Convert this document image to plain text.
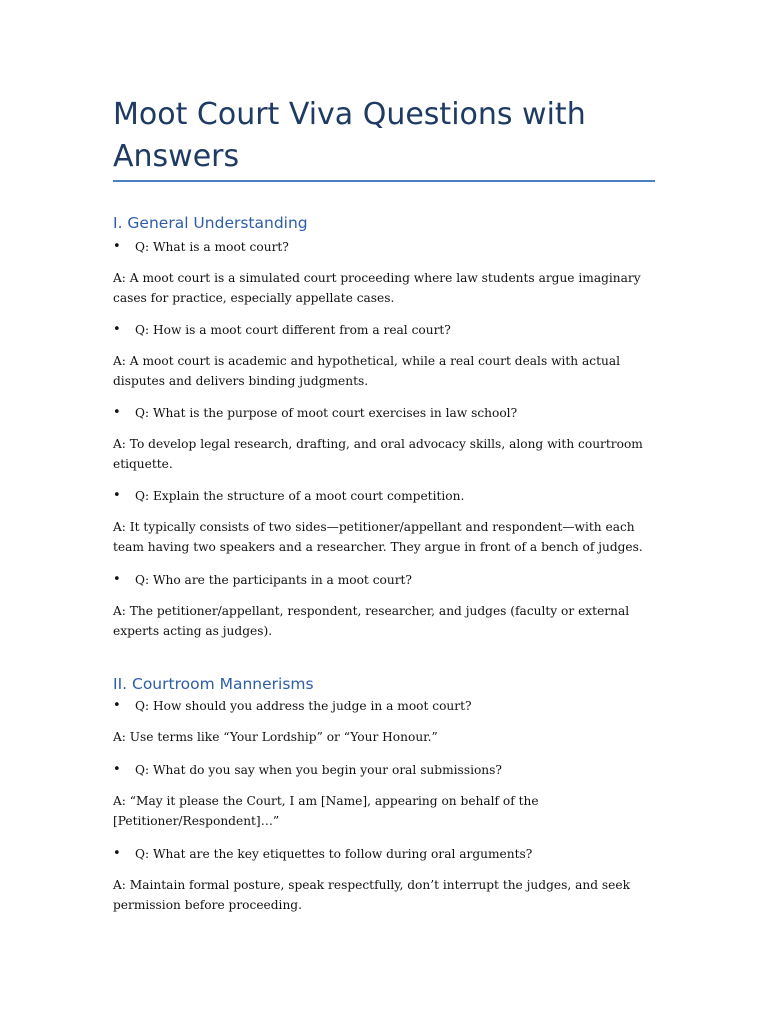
Moot Court Viva Questions with Answers
I. General Understanding
• Q: What is a moot court?

A: A moot court is a simulated court proceeding where law students argue imaginary cases for practice, especially appellate cases.

• Q: How is a moot court different from a real court?

A: A moot court is academic and hypothetical, while a real court deals with actual disputes and delivers binding judgments.

• Q: What is the purpose of moot court exercises in law school?

A: To develop legal research, drafting, and oral advocacy skills, along with courtroom etiquette.

• Q: Explain the structure of a moot court competition.

A: It typically consists of two sides—petitioner/appellant and respondent—with each team having two speakers and a researcher. They argue in front of a bench of judges.

• Q: Who are the participants in a moot court?

A: The petitioner/appellant, respondent, researcher, and judges (faculty or external experts acting as judges).

II. Courtroom Mannerisms
• Q: How should you address the judge in a moot court?

A: Use terms like “Your Lordship” or “Your Honour.”

• Q: What do you say when you begin your oral submissions?

A: “May it please the Court, I am [Name], appearing on behalf of the [Petitioner/Respondent]…”

• Q: What are the key etiquettes to follow during oral arguments?

A: Maintain formal posture, speak respectfully, don’t interrupt the judges, and seek permission before proceeding.
